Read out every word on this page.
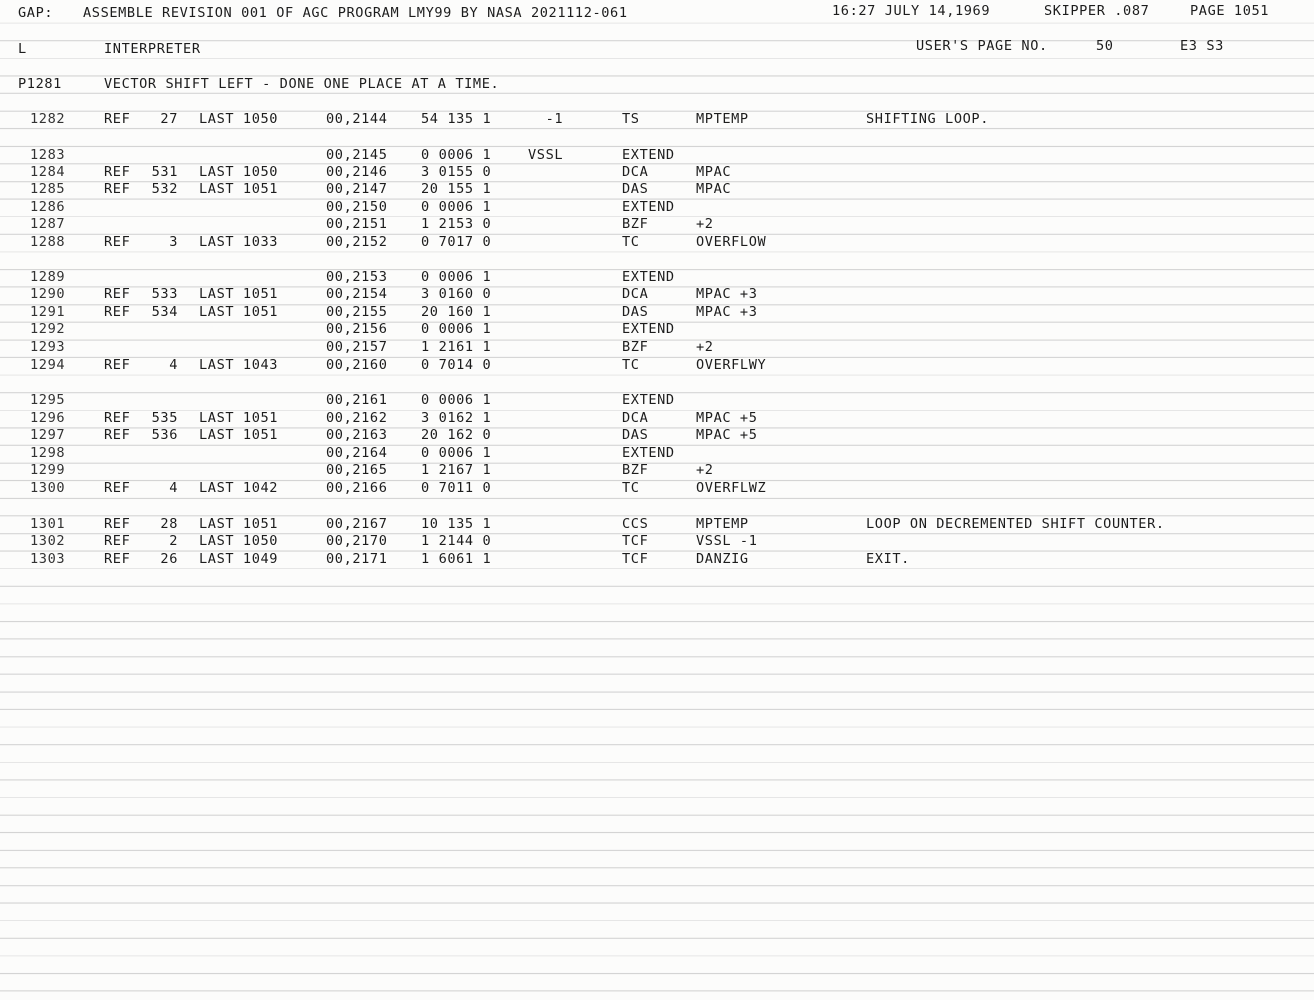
GAP: ASSEMBLE REVISION 001 OF AGC PROGRAM LMY99 BY NASA 2021112-061	16:27 JULY 14,1969	SKIPPER .087	PAGE 1051
L	INTERPRETER	USER'S PAGE NO.	50	E3 S3
P1281	VECTOR SHIFT LEFT - DONE ONE PLACE AT A TIME.
1282	REF	27 LAST 1050	00,2144 54 135 1	-1	TS	MPTEMP	SHIFTING LOOP.
1283	00,2145 0 0006 1	VSSL	EXTEND
1284	REF 531 LAST 1050	00,2146 3 0155 0	DCA	MPAC
1285	REF 532 LAST 1051	00,2147 20 155 1	DAS	MPAC
1286	00,2150 0 0006 1	EXTEND
1287	00,2151 1 2153 0	BZF	+2
1288	REF	3 LAST 1033	00,2152 0 7017 0	TC	OVERFLOW
1289	00,2153 0 0006 1	EXTEND
1290	REF 533 LAST 1051	00,2154 3 0160 0	DCA	MPAC +3
1291	REF 534 LAST 1051	00,2155 20 160 1	DAS	MPAC +3
1292	00,2156 0 0006 1	EXTEND
1293	00,2157 1 2161 1	BZF	+2
1294	REF	4 LAST 1043	00,2160 0 7014 0	TC	OVERFLWY
1295	00,2161 0 0006 1	EXTEND
1296	REF 535 LAST 1051	00,2162 3 0162 1	DCA	MPAC +5
1297	REF 536 LAST 1051	00,2163 20 162 0	DAS	MPAC +5
1298	00,2164 0 0006 1	EXTEND
1299	00,2165 1 2167 1	BZF	+2
1300	REF	4 LAST 1042	00,2166 0 7011 0	TC	OVERFLWZ
1301	REF	28 LAST 1051	00,2167 10 135 1	CCS	MPTEMP	LOOP ON DECREMENTED SHIFT COUNTER.
1302	REF	2 LAST 1050	00,2170 1 2144 0	TCF	VSSL -1
1303	REF	26 LAST 1049	00,2171 1 6061 1	TCF	DANZIG	EXIT.
